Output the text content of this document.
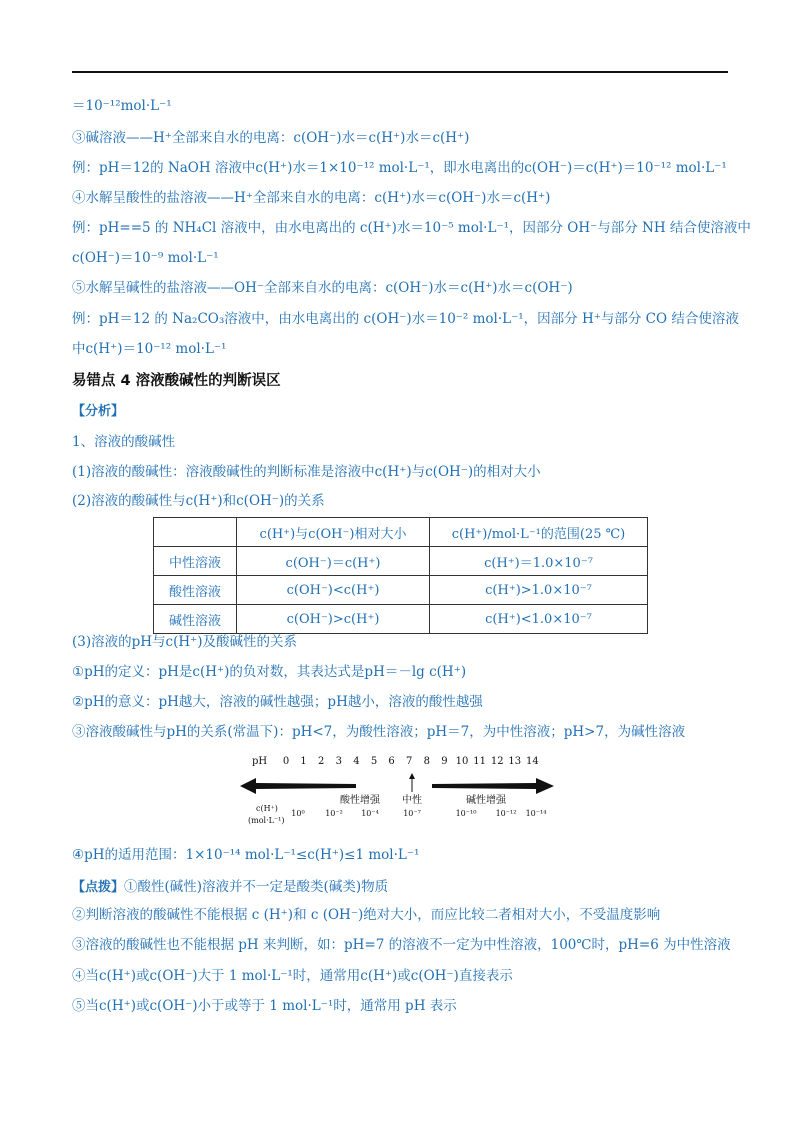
＝10⁻¹²mol·L⁻¹
③碱溶液——H⁺全部来自水的电离：c(OH⁻)水＝c(H⁺)水＝c(H⁺)
例：pH＝12的 NaOH 溶液中c(H⁺)水＝1×10⁻¹² mol·L⁻¹，即水电离出的c(OH⁻)＝c(H⁺)＝10⁻¹² mol·L⁻¹
④水解呈酸性的盐溶液——H⁺全部来自水的电离：c(H⁺)水＝c(OH⁻)水＝c(H⁺)
例：pH==5 的 NH₄Cl 溶液中，由水电离出的 c(H⁺)水＝10⁻⁵ mol·L⁻¹，因部分 OH⁻与部分 NH 结合使溶液中
c(OH⁻)＝10⁻⁹ mol·L⁻¹
⑤水解呈碱性的盐溶液——OH⁻全部来自水的电离：c(OH⁻)水＝c(H⁺)水＝c(OH⁻)
例：pH＝12 的 Na₂CO₃溶液中，由水电离出的 c(OH⁻)水＝10⁻² mol·L⁻¹，因部分 H⁺与部分 CO 结合使溶液
中c(H⁺)＝10⁻¹² mol·L⁻¹
易错点 4 溶液酸碱性的判断误区
【分析】
1、溶液的酸碱性
(1)溶液的酸碱性：溶液酸碱性的判断标准是溶液中c(H⁺)与c(OH⁻)的相对大小
(2)溶液的酸碱性与c(H⁺)和c(OH⁻)的关系
	c(H⁺)与c(OH⁻)相对大小	c(H⁺)/mol·L⁻¹的范围(25 ℃)
中性溶液	c(OH⁻)＝c(H⁺)	c(H⁺)＝1.0×10⁻⁷
酸性溶液	c(OH⁻)<c(H⁺)	c(H⁺)>1.0×10⁻⁷
碱性溶液	c(OH⁻)>c(H⁺)	c(H⁺)<1.0×10⁻⁷
(3)溶液的pH与c(H⁺)及酸碱性的关系
①pH的定义：pH是c(H⁺)的负对数，其表达式是pH＝－lg c(H⁺)
②pH的意义：pH越大，溶液的碱性越强；pH越小，溶液的酸性越强
③溶液酸碱性与pH的关系(常温下)：pH<7，为酸性溶液；pH＝7，为中性溶液；pH>7，为碱性溶液
pH 0 1 2 3 4 5 6 7 8 9 10 11 12 13 14
酸性增强 中性	碱性增强
c(H⁺)
(mol·L⁻¹)
10⁰	10⁻² 10⁻⁴	10⁻⁷	10⁻¹⁰ 10⁻¹² 10⁻¹⁴
④pH的适用范围：1×10⁻¹⁴ mol·L⁻¹≤c(H⁺)≤1 mol·L⁻¹
【点拨】①酸性(碱性)溶液并不一定是酸类(碱类)物质
②判断溶液的酸碱性不能根据 c (H⁺)和 c (OH⁻)绝对大小，而应比较二者相对大小，不受温度影响
③溶液的酸碱性也不能根据 pH 来判断，如：pH=7 的溶液不一定为中性溶液，100℃时，pH=6 为中性溶液
④当c(H⁺)或c(OH⁻)大于 1 mol·L⁻¹时，通常用c(H⁺)或c(OH⁻)直接表示
⑤当c(H⁺)或c(OH⁻)小于或等于 1 mol·L⁻¹时，通常用 pH 表示
